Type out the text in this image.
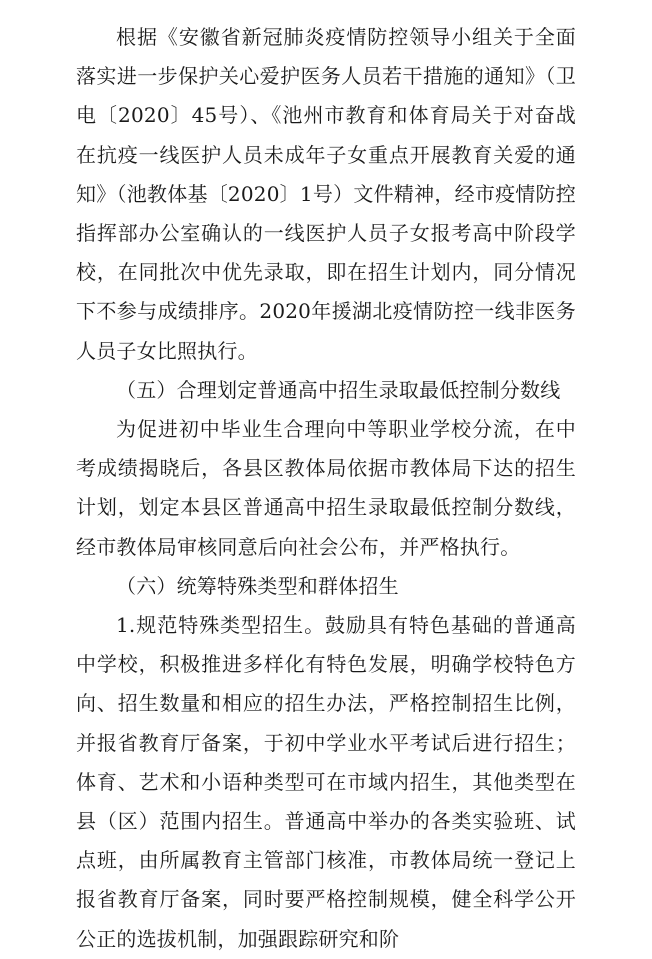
根据《安徽省新冠肺炎疫情防控领导小组关于全面落实进一步保护关心爱护医务人员若干措施的通知》（卫电〔2020〕45号）、《池州市教育和体育局关于对奋战在抗疫一线医护人员未成年子女重点开展教育关爱的通知》（池教体基〔2020〕1号）文件精神，经市疫情防控指挥部办公室确认的一线医护人员子女报考高中阶段学校，在同批次中优先录取，即在招生计划内，同分情况下不参与成绩排序。2020年援湖北疫情防控一线非医务人员子女比照执行。

（五）合理划定普通高中招生录取最低控制分数线

为促进初中毕业生合理向中等职业学校分流，在中考成绩揭晓后，各县区教体局依据市教体局下达的招生计划，划定本县区普通高中招生录取最低控制分数线，经市教体局审核同意后向社会公布，并严格执行。

（六）统筹特殊类型和群体招生

1.规范特殊类型招生。鼓励具有特色基础的普通高中学校，积极推进多样化有特色发展，明确学校特色方向、招生数量和相应的招生办法，严格控制招生比例，并报省教育厅备案，于初中学业水平考试后进行招生；体育、艺术和小语种类型可在市域内招生，其他类型在县（区）范围内招生。普通高中举办的各类实验班、试点班，由所属教育主管部门核准，市教体局统一登记上报省教育厅备案，同时要严格控制规模，健全科学公开公正的选拔机制，加强跟踪研究和阶
